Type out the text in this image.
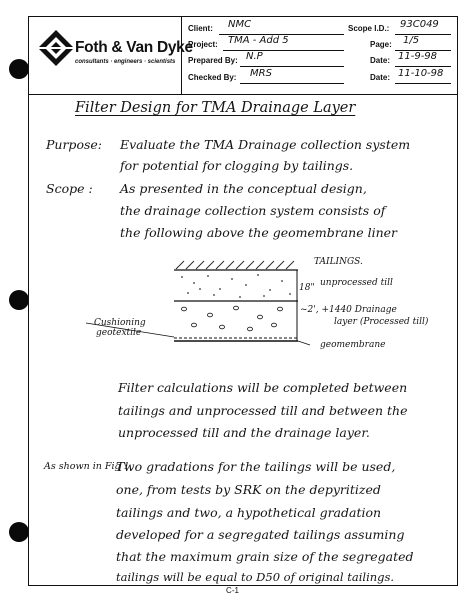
Foth & Van Dyke
consultants · engineers · scientists
Client: NMC	Scope I.D.: 93C049
Project: TMA - Add 5	Page: 1/5
Prepared By: N.P	Date: 11-9-98
Checked By: MRS	Date: 11-10-98
Filter Design for TMA Drainage Layer
Purpose: Evaluate the TMA Drainage collection system
for potential for clogging by tailings.
Scope : As presented in the conceptual design,
the drainage collection system consists of
the following above the geomembrane liner
TAILINGS.
18" unprocessed till
~2', +1440 Drainage
layer (Processed till)
Cushioning
geotextile
geomembrane
Filter calculations will be completed between
tailings and unprocessed till and between the
unprocessed till and the drainage layer.
As shown in Fig 1
Two gradations for the tailings will be used,
one, from tests by SRK on the depyritized
tailings and two, a hypothetical gradation
developed for a segregated tailings assuming
that the maximum grain size of the segregated
tailings will be equal to D50 of original tailings.
C-1
